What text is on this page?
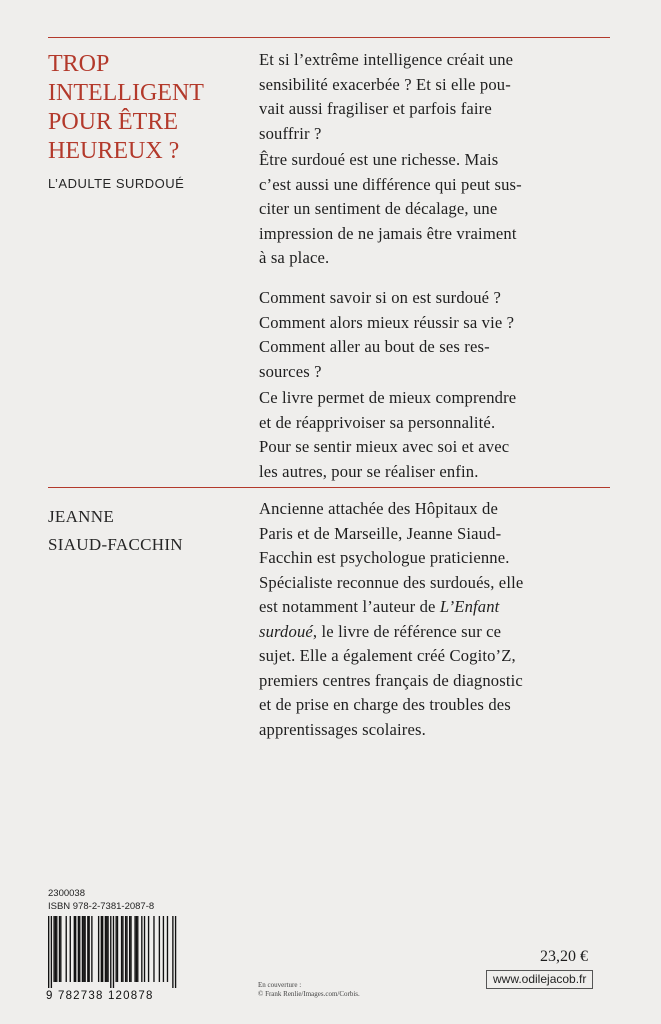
TROP
INTELLIGENT
POUR ÊTRE
HEUREUX ?
L’ADULTE SURDOUÉ
JEANNE
SIAUD-FACCHIN
Et si l’extrême intelligence créait une
sensibilité exacerbée ? Et si elle pou-
vait aussi fragiliser et parfois faire
souffrir ?
Être surdoué est une richesse. Mais
c’est aussi une différence qui peut sus-
citer un sentiment de décalage, une
impression de ne jamais être vraiment
à sa place.
Comment savoir si on est surdoué ?
Comment alors mieux réussir sa vie ?
Comment aller au bout de ses res-
sources ?
Ce livre permet de mieux comprendre
et de réapprivoiser sa personnalité.
Pour se sentir mieux avec soi et avec
les autres, pour se réaliser enfin.
Ancienne attachée des Hôpitaux de
Paris et de Marseille, Jeanne Siaud-
Facchin est psychologue praticienne.
Spécialiste reconnue des surdoués, elle
est notamment l’auteur de L’Enfant
surdoué, le livre de référence sur ce
sujet. Elle a également créé Cogito’Z,
premiers centres français de diagnostic
et de prise en charge des troubles des
apprentissages scolaires.
2300038
ISBN 978-2-7381-2087-8
9 782738 120878
En couverture :
© Frank Renlie/Images.com/Corbis.
23,20 €
www.odilejacob.fr
